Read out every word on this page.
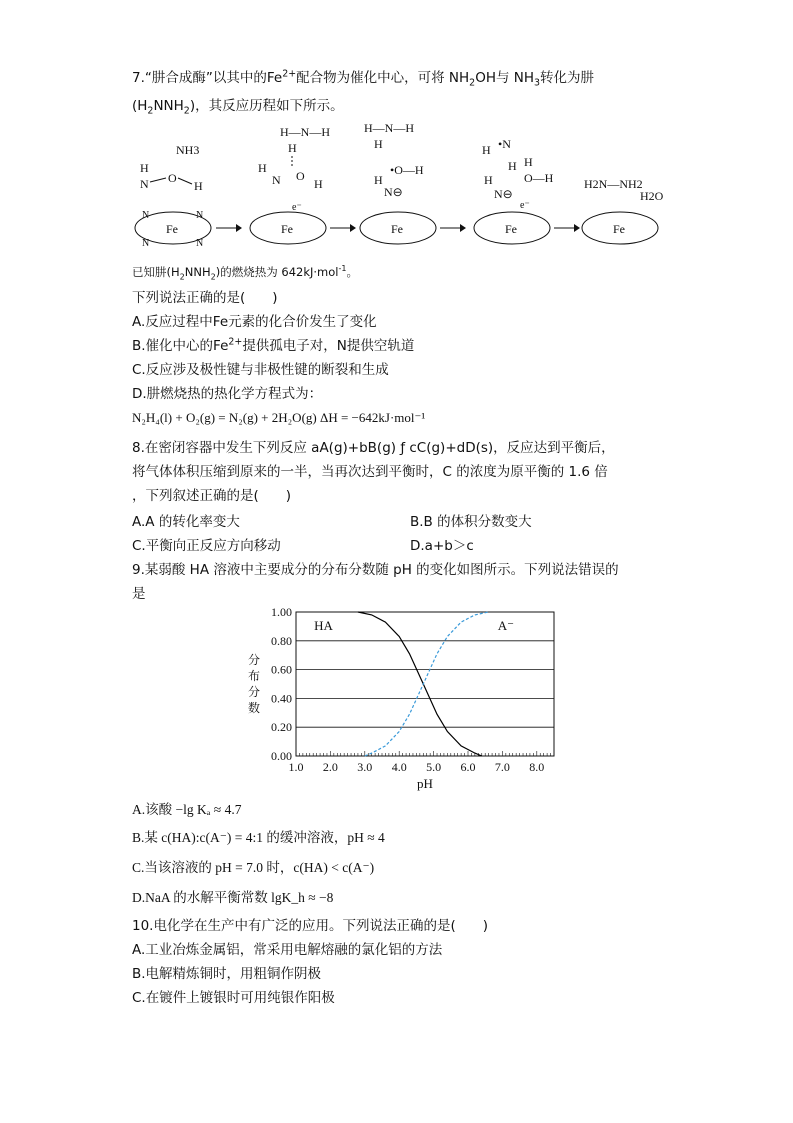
7.“肼合成酶”以其中的$Fe^{2+}$配合物为催化中心，可将 $NH_2OH$与 $NH_3$转化为肼
$(H_2NNH_2)$，其反应历程如下所示。
NH3
H
N O
H
Fe
N	N
N	N
H—N—H
H
H
N O
H
Fe
e⁻
H—N—H
H
•O—H
H
N⊖
Fe
H •N
H H
O—H
H
N⊖
Fe
e⁻
H2N—NH2
H2O
Fe
已知肼$(H_2NNH_2)$的燃烧热为 642kJ·mol$^{-1}$。
下列说法正确的是(　　)
A.反应过程中Fe元素的化合价发生了变化
B.催化中心的$Fe^{2+}$提供孤电子对，N提供空轨道
C.反应涉及极性键与非极性键的断裂和生成
D.肼燃烧热的热化学方程式为：
N₂H₄(l) + O₂(g) = N₂(g) + 2H₂O(g) ΔH = −642kJ·mol⁻¹
8.在密闭容器中发生下列反应 aA(g)+bB(g) ƒ cC(g)+dD(s)，反应达到平衡后，
将气体体积压缩到原来的一半，当再次达到平衡时，C 的浓度为原平衡的 1.6 倍
，下列叙述正确的是(　　)
A.A 的转化率变大	B.B 的体积分数变大
C.平衡向正反应方向移动	D.a+b＞c
9.某弱酸 HA 溶液中主要成分的分布分数随 pH 的变化如图所示。下列说法错误的
是
0.00
0.20
0.40
0.60
0.80
1.00
1.0 2.0 3.0 4.0 5.0 6.0 7.0 8.0
pH
分
布
分
数
HA	A⁻
A.该酸 −lg Kₐ ≈ 4.7
B.某 c(HA):c(A⁻) = 4:1 的缓冲溶液，pH ≈ 4
C.当该溶液的 pH = 7.0 时，c(HA) < c(A⁻)
D.NaA 的水解平衡常数 lgK_h ≈ −8
10.电化学在生产中有广泛的应用。下列说法正确的是(　　)
A.工业冶炼金属铝，常采用电解熔融的氯化铝的方法
B.电解精炼铜时，用粗铜作阴极
C.在镀件上镀银时可用纯银作阳极
